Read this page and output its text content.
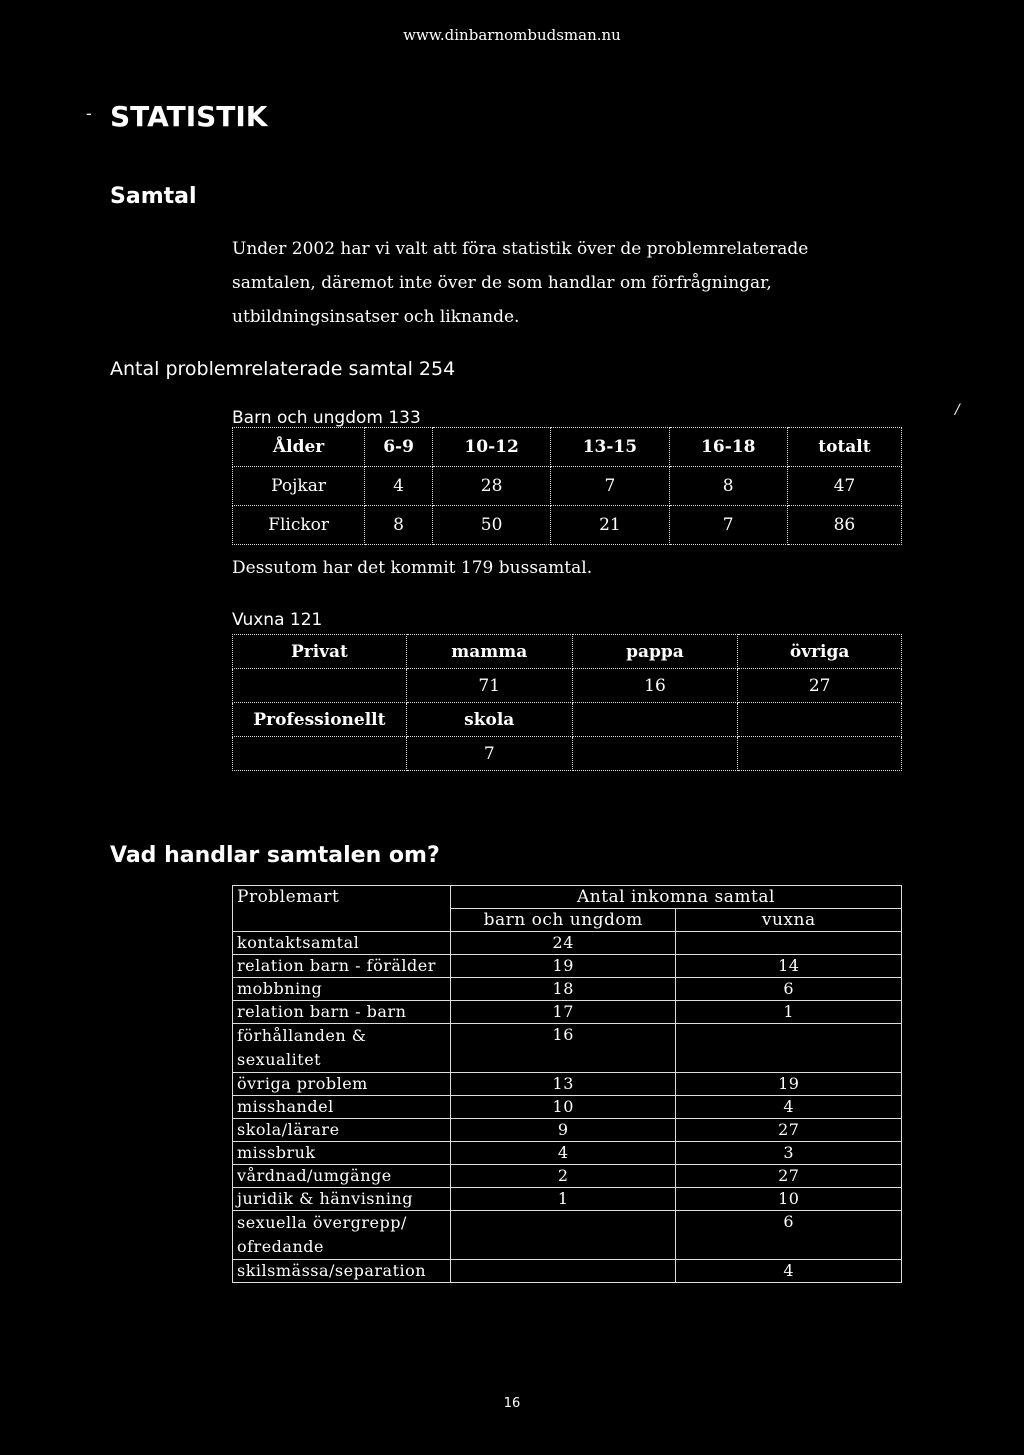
www.dinbarnombudsman.nu
- STATISTIK
Samtal
Under 2002 har vi valt att föra statistik över de problemrelaterade
samtalen, däremot inte över de som handlar om förfrågningar,
utbildningsinsatser och liknande.
Antal problemrelaterade samtal 254
Barn och ungdom 133	/
Ålder	6-9	10-12	13-15	16-18	totalt
Pojkar	4	28	7	8	47
Flickor	8	50	21	7	86
Dessutom har det kommit 179 bussamtal.
Vuxna 121
Privat	mamma	pappa	övriga
	71	16	27
Professionellt	skola		
	7		
Vad handlar samtalen om?
Problemart	Antal inkomna samtal	
	barn och ungdom	vuxna
kontaktsamtal	24	
relation barn - förälder	19	14
mobbning	18	6
relation barn - barn	17	1
förhållanden & sexualitet	16	
övriga problem	13	19
misshandel	10	4
skola/lärare	9	27
missbruk	4	3
vårdnad/umgänge	2	27
juridik & hänvisning	1	10
sexuella övergrepp/ ofredande		6
skilsmässa/separation		4
16
